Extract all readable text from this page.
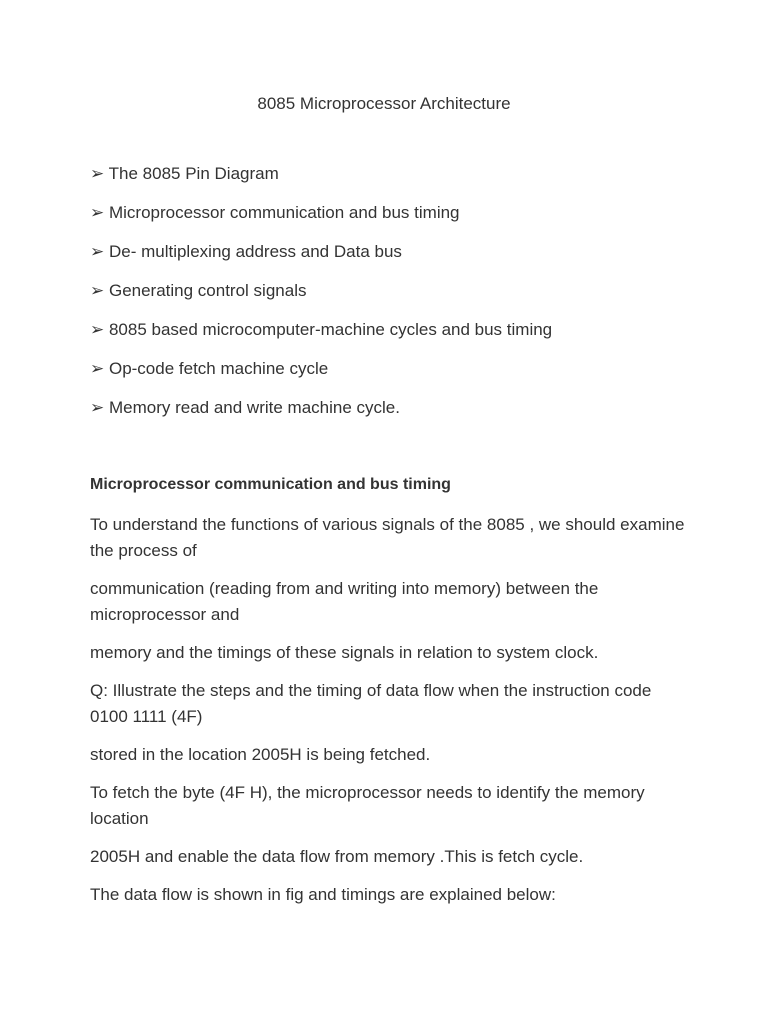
8085 Microprocessor Architecture
➢ The 8085 Pin Diagram
➢ Microprocessor communication and bus timing
➢ De- multiplexing address and Data bus
➢ Generating control signals
➢ 8085 based microcomputer-machine cycles and bus timing
➢ Op-code fetch machine cycle
➢ Memory read and write machine cycle.
Microprocessor communication and bus timing

To understand the functions of various signals of the 8085 , we should examine the process of

communication (reading from and writing into memory) between the microprocessor and

memory and the timings of these signals in relation to system clock.

Q: Illustrate the steps and the timing of data flow when the instruction code 0100 1111 (4F)

stored in the location 2005H is being fetched.

To fetch the byte (4F H), the microprocessor needs to identify the memory location

2005H and enable the data flow from memory .This is fetch cycle.

The data flow is shown in fig and timings are explained below:
